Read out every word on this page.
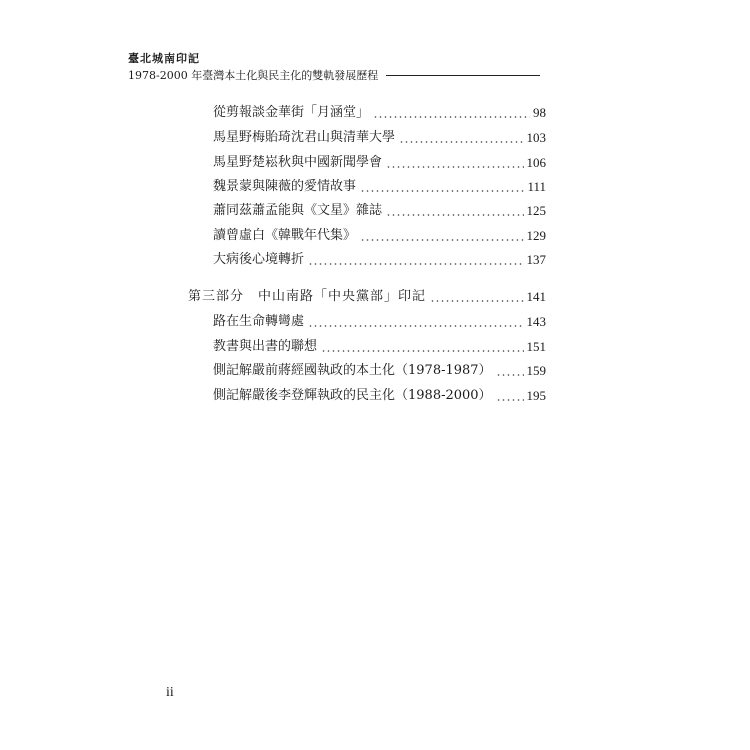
臺北城南印記
1978-2000 年臺灣本土化與民主化的雙軌發展歷程
從剪報談金華街「月涵堂」	98
馬星野梅貽琦沈君山與清華大學	103
馬星野楚崧秋與中國新聞學會	106
魏景蒙與陳薇的愛情故事	111
蕭同茲蕭孟能與《文星》雜誌	125
讀曾虛白《韓戰年代集》	129
大病後心境轉折	137
第三部分　中山南路「中央黨部」印記	141
路在生命轉彎處	143
教書與出書的聯想	151
側記解嚴前蔣經國執政的本土化（1978-1987）	159
側記解嚴後李登輝執政的民主化（1988-2000）	195
ii
